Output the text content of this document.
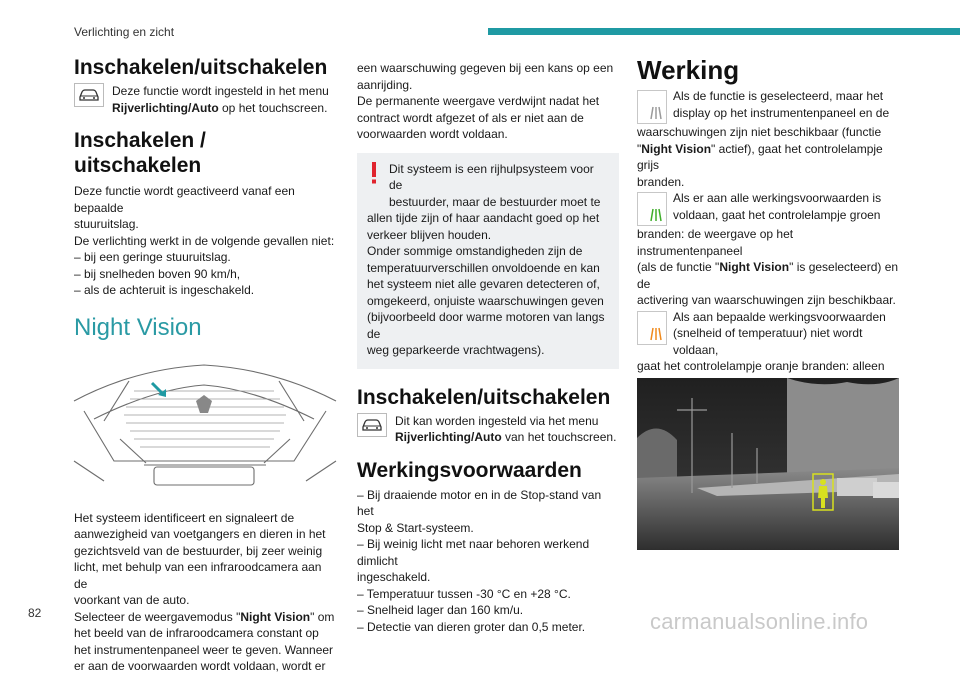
Verlichting en zicht
Inschakelen/uitschakelen
Deze functie wordt ingesteld in het menu
Rijverlichting/Auto op het touchscreen.
Inschakelen / uitschakelen
Deze functie wordt geactiveerd vanaf een bepaalde
stuuruitslag.
De verlichting werkt in de volgende gevallen niet:
– bij een geringe stuuruitslag.
– bij snelheden boven 90 km/h,
– als de achteruit is ingeschakeld.
Night Vision
Het systeem identificeert en signaleert de
aanwezigheid van voetgangers en dieren in het
gezichtsveld van de bestuurder, bij zeer weinig
licht, met behulp van een infraroodcamera aan de
voorkant van de auto.
Selecteer de weergavemodus "Night Vision" om
het beeld van de infraroodcamera constant op
het instrumentenpaneel weer te geven. Wanneer
er aan de voorwaarden wordt voldaan, wordt er
een waarschuwing gegeven bij een kans op een
aanrijding.
De permanente weergave verdwijnt nadat het
contract wordt afgezet of als er niet aan de
voorwaarden wordt voldaan.

Dit systeem is een rijhulpsysteem voor de

bestuurder, maar de bestuurder moet te

allen tijde zijn of haar aandacht goed op het

verkeer blijven houden.

Onder sommige omstandigheden zijn de

temperatuurverschillen onvoldoende en kan

het systeem niet alle gevaren detecteren of,

omgekeerd, onjuiste waarschuwingen geven

(bijvoorbeeld door warme motoren van langs de

weg geparkeerde vrachtwagens).

Inschakelen/uitschakelen
Dit kan worden ingesteld via het menu
Rijverlichting/Auto van het touchscreen.
Werkingsvoorwaarden
– Bij draaiende motor en in de Stop-stand van het
Stop & Start-systeem.
– Bij weinig licht met naar behoren werkend dimlicht
ingeschakeld.
– Temperatuur tussen -30 °C en +28 °C.
– Snelheid lager dan 160 km/u.
– Detectie van dieren groter dan 0,5 meter.
Werking

Als de functie is geselecteerd, maar het

display op het instrumentenpaneel en de

waarschuwingen zijn niet beschikbaar (functie

"Night Vision" actief), gaat het controlelampje grijs

branden.

Als er aan alle werkingsvoorwaarden is

voldaan, gaat het controlelampje groen

branden: de weergave op het instrumentenpaneel

(als de functie "Night Vision" is geselecteerd) en de

activering van waarschuwingen zijn beschikbaar.

Als aan bepaalde werkingsvoorwaarden

(snelheid of temperatuur) niet wordt voldaan,

gaat het controlelampje oranje branden: alleen

82	carmanualsonline.info
